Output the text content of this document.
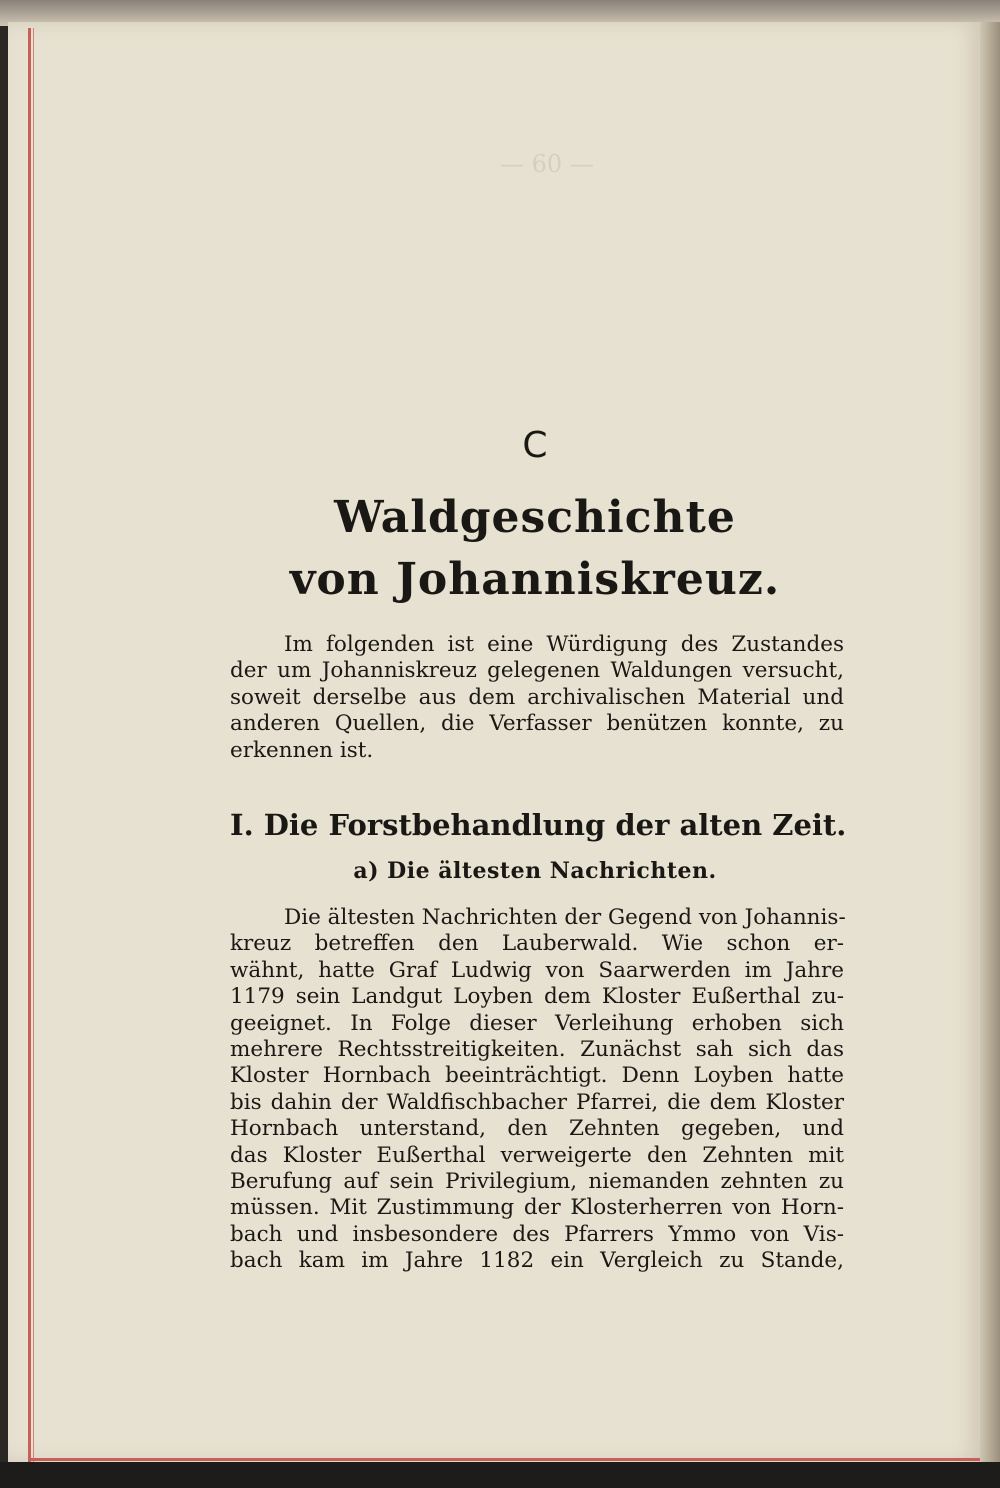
— 60 —
C
Waldgeschichte
von Johanniskreuz.
Im folgenden ist eine Würdigung des Zustandes
der um Johanniskreuz gelegenen Waldungen versucht,
soweit derselbe aus dem archivalischen Material und
anderen Quellen, die Verfasser benützen konnte, zu
erkennen ist.
I. Die Forstbehandlung der alten Zeit.
a) Die ältesten Nachrichten.
Die ältesten Nachrichten der Gegend von Johannis-
kreuz betreffen den Lauberwald. Wie schon er-
wähnt, hatte Graf Ludwig von Saarwerden im Jahre
1179 sein Landgut Loyben dem Kloster Eußerthal zu-
geeignet. In Folge dieser Verleihung erhoben sich
mehrere Rechtsstreitigkeiten. Zunächst sah sich das
Kloster Hornbach beeinträchtigt. Denn Loyben hatte
bis dahin der Waldfischbacher Pfarrei, die dem Kloster
Hornbach unterstand, den Zehnten gegeben, und
das Kloster Eußerthal verweigerte den Zehnten mit
Berufung auf sein Privilegium, niemanden zehnten zu
müssen. Mit Zustimmung der Klosterherren von Horn-
bach und insbesondere des Pfarrers Ymmo von Vis-
bach kam im Jahre 1182 ein Vergleich zu Stande,
